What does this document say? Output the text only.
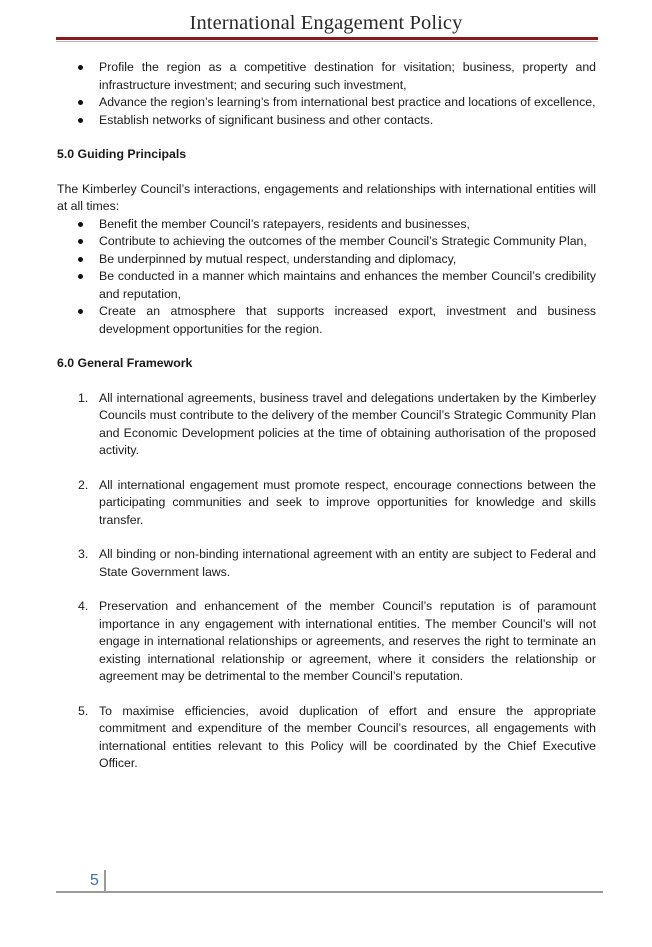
International Engagement Policy
Profile the region as a competitive destination for visitation; business, property and infrastructure investment; and securing such investment,
Advance the region’s learning’s from international best practice and locations of excellence,
Establish networks of significant business and other contacts.
5.0 Guiding Principals

The Kimberley Council’s interactions, engagements and relationships with international entities will at all times:

Benefit the member Council’s ratepayers, residents and businesses,
Contribute to achieving the outcomes of the member Council’s Strategic Community Plan,
Be underpinned by mutual respect, understanding and diplomacy,
Be conducted in a manner which maintains and enhances the member Council’s credibility and reputation,
Create an atmosphere that supports increased export, investment and business development opportunities for the region.
6.0 General Framework
1. All international agreements, business travel and delegations undertaken by the Kimberley Councils must contribute to the delivery of the member Council’s Strategic Community Plan and Economic Development policies at the time of obtaining authorisation of the proposed activity.
2. All international engagement must promote respect, encourage connections between the participating communities and seek to improve opportunities for knowledge and skills transfer.
3. All binding or non-binding international agreement with an entity are subject to Federal and State Government laws.
4. Preservation and enhancement of the member Council’s reputation is of paramount importance in any engagement with international entities. The member Council’s will not engage in international relationships or agreements, and reserves the right to terminate an existing international relationship or agreement, where it considers the relationship or agreement may be detrimental to the member Council’s reputation.
5. To maximise efficiencies, avoid duplication of effort and ensure the appropriate commitment and expenditure of the member Council’s resources, all engagements with international entities relevant to this Policy will be coordinated by the Chief Executive Officer.
5
